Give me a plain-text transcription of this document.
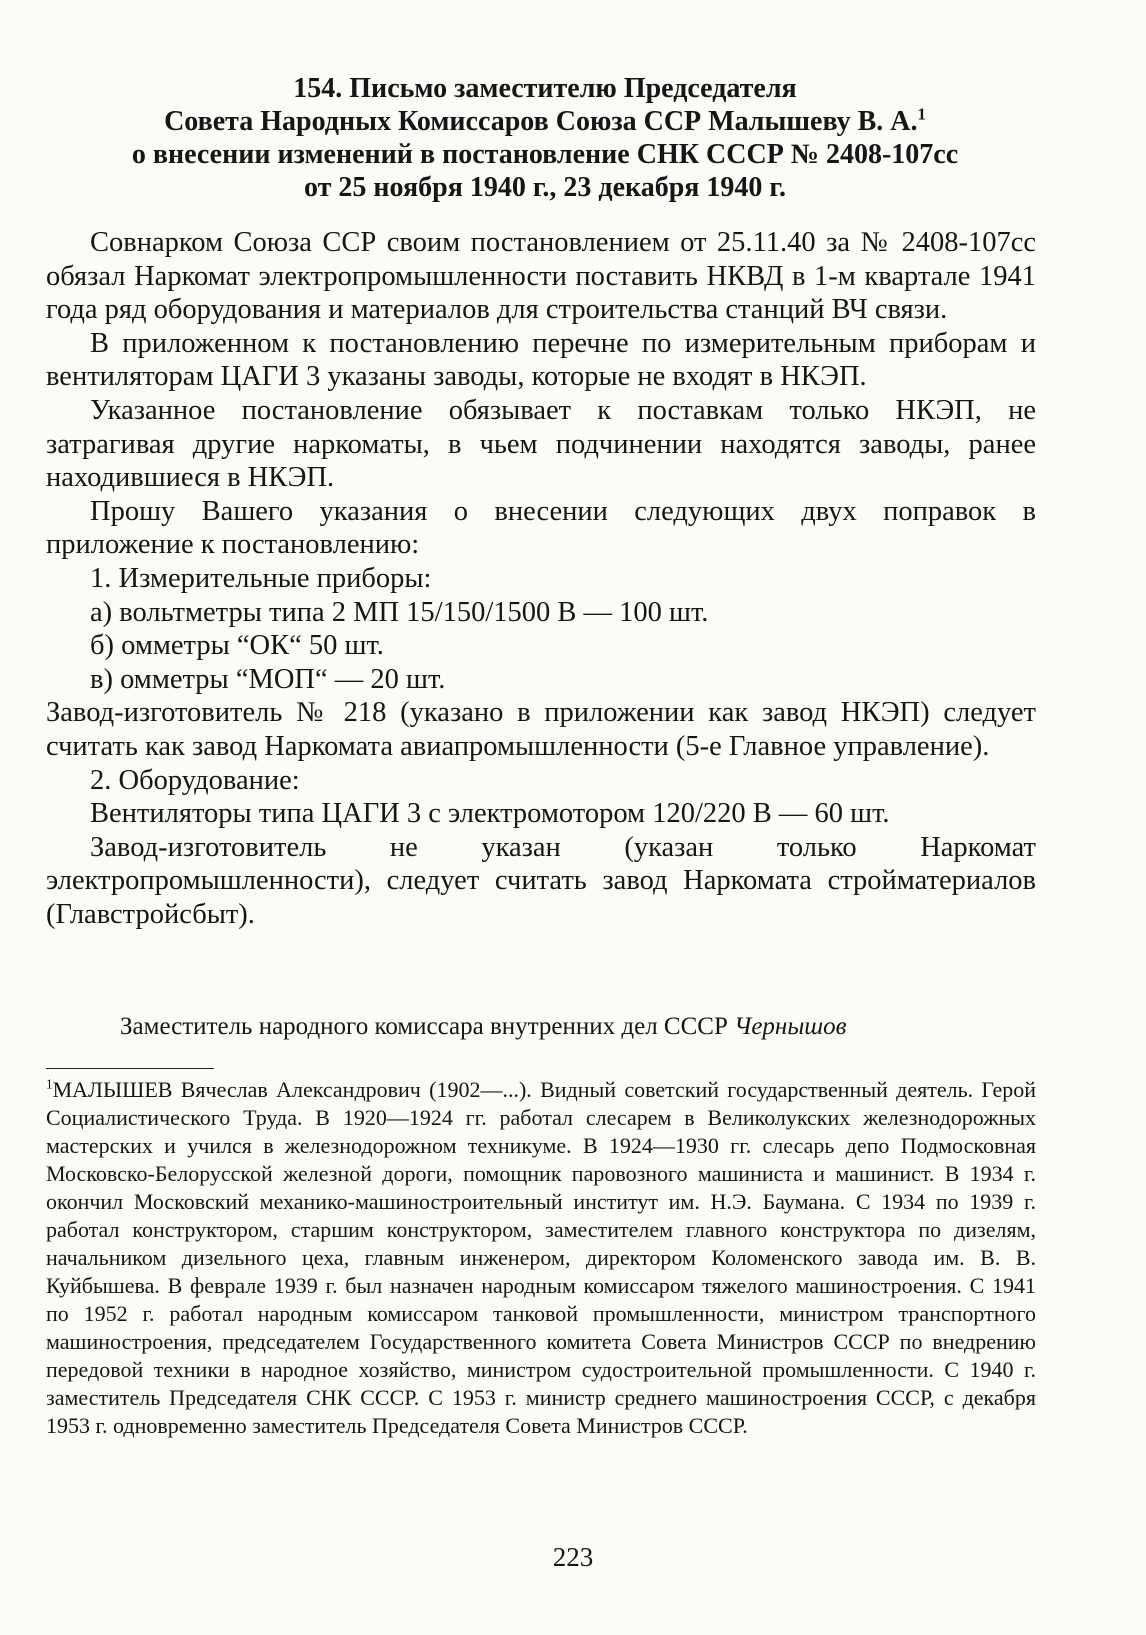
154. Письмо заместителю Председателя
Совета Народных Комиссаров Союза ССР Малышеву В. А.$^1$
о внесении изменений в постановление СНК СССР № 2408-107сс
от 25 ноября 1940 г., 23 декабря 1940 г.

Совнарком Союза ССР своим постановлением от 25.11.40 за № 2408-107сс обязал Наркомат электропромышленности поставить НКВД в 1-м квартале 1941 года ряд оборудования и материалов для строительства станций ВЧ связи.

В приложенном к постановлению перечне по измерительным приборам и вентиляторам ЦАГИ 3 указаны заводы, которые не входят в НКЭП.

Указанное постановление обязывает к поставкам только НКЭП, не затрагивая другие наркоматы, в чьем подчинении находятся заводы, ранее находившиеся в НКЭП.

Прошу Вашего указания о внесении следующих двух поправок в приложение к постановлению:

1. Измерительные приборы:

а) вольтметры типа 2 МП 15/150/1500 В — 100 шт.

б) омметры “ОК“ 50 шт.

в) омметры “МОП“ — 20 шт.

Завод-изготовитель № 218 (указано в приложении как завод НКЭП) следует считать как завод Наркомата авиапромышленности (5-е Главное управление).

2. Оборудование:

Вентиляторы типа ЦАГИ 3 с электромотором 120/220 В — 60 шт.

Завод-изготовитель не указан (указан только Наркомат электропромышленности), следует считать завод Наркомата стройматериалов (Главстройсбыт).

Заместитель народного комиссара внутренних дел СССР Чернышов
$^1$МАЛЫШЕВ Вячеслав Александрович (1902—...). Видный советский государственный деятель. Герой Социалистического Труда. В 1920—1924 гг. работал слесарем в Великолукских железнодорожных мастерских и учился в железнодорожном техникуме. В 1924—1930 гг. слесарь депо Подмосковная Московско-Белорусской железной дороги, помощник паровозного машиниста и машинист. В 1934 г. окончил Московский механико-машиностроительный институт им. Н.Э. Баумана. С 1934 по 1939 г. работал конструктором, старшим конструктором, заместителем главного конструктора по дизелям, начальником дизельного цеха, главным инженером, директором Коломенского завода им. В. В. Куйбышева. В феврале 1939 г. был назначен народным комиссаром тяжелого машиностроения. С 1941 по 1952 г. работал народным комиссаром танковой промышленности, министром транспортного машиностроения, председателем Государственного комитета Совета Министров СССР по внедрению передовой техники в народное хозяйство, министром судостроительной промышленности. С 1940 г. заместитель Председателя СНК СССР. С 1953 г. министр среднего машиностроения СССР, с декабря 1953 г. одновременно заместитель Председателя Совета Министров СССР.
223
